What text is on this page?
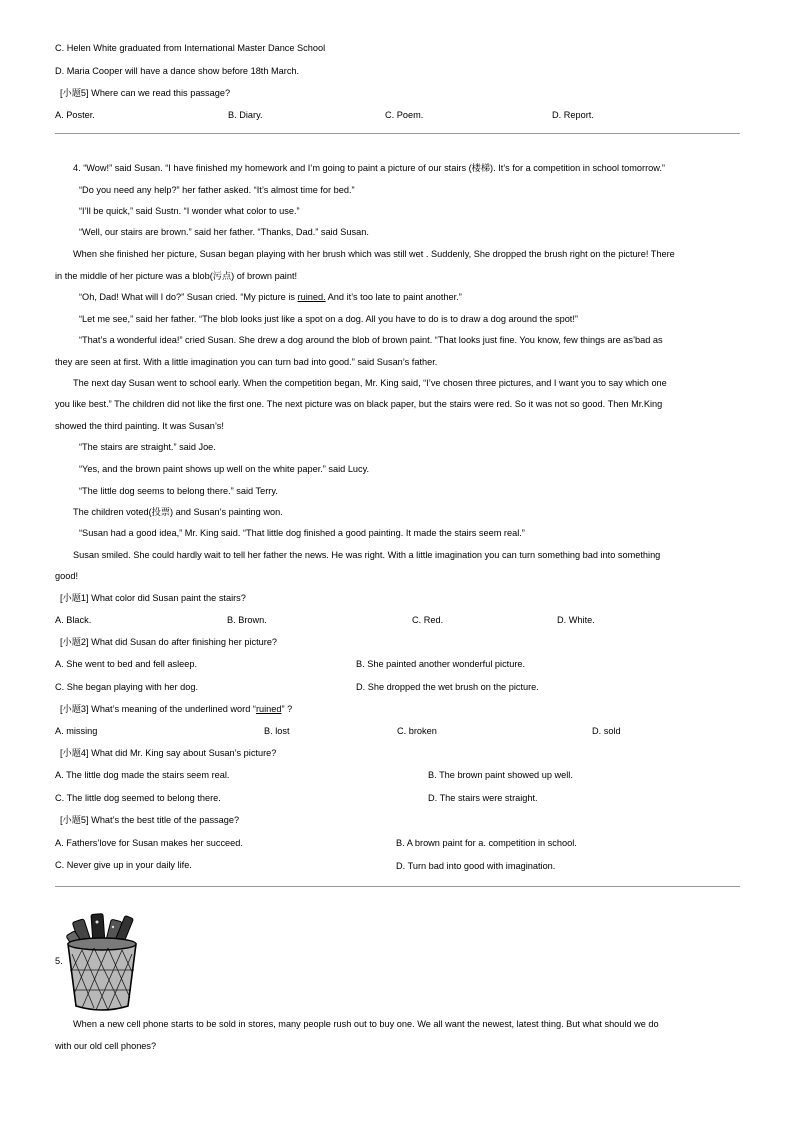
C. Helen White graduated from International Master Dance School
D. Maria Cooper will have a dance show before 18th March.
[小题5] Where can we read this passage?
A. Poster.	B. Diary.	C. Poem.	D. Report.
4. “Wow!” said Susan. “I have finished my homework and I’m going to paint a picture of our stairs (楼梯). It’s for a competition in school tomorrow.”
“Do you need any help?” her father asked. “It’s almost time for bed.”
“I’ll be quick,” said Sustn. “I wonder what color to use.”
“Well, our stairs are brown.” said her father. “Thanks, Dad.” said Susan.
When she finished her picture, Susan began playing with her brush which was still wet . Suddenly, She dropped the brush right on the picture! There
in the middle of her picture was a blob(污点) of brown paint!
“Oh, Dad! What will I do?” Susan cried. “My picture is ruined. And it’s too late to paint another.”
“Let me see,” said her father. “The blob looks just like a spot on a dog. All you have to do is to draw a dog around the spot!”
“That’s a wonderful idea!” cried Susan. She drew a dog around the blob of brown paint. “That looks just fine. You know, few things are as’bad as
they are seen at first. With a little imagination you can turn bad into good.” said Susan’s father.
The next day Susan went to school early. When the competition began, Mr. King said, “I’ve chosen three pictures, and I want you to say which one
you like best.” The children did not like the first one. The next picture was on black paper, but the stairs were red. So it was not so good. Then Mr.King
showed the third painting. It was Susan’s!
“The stairs are straight.” said Joe.
“Yes, and the brown paint shows up well on the white paper.” said Lucy.
“The little dog seems to belong there.” said Terry.
The children voted(投票) and Susan’s painting won.
“Susan had a good idea,” Mr. King said. “That little dog finished a good painting. It made the stairs seem real.”
Susan smiled. She could hardly wait to tell her father the news. He was right. With a little imagination you can turn something bad into something
good!
[小题1] What color did Susan paint the stairs?
A. Black.	B. Brown.	C. Red.	D. White.
[小题2] What did Susan do after finishing her picture?
A. She went to bed and fell asleep.	B. She painted another wonderful picture.
C. She began playing with her dog.	D. She dropped the wet brush on the picture.
[小题3] What’s meaning of the underlined word “ruined” ?
A. missing	B. lost	C. broken	D. sold
[小题4] What did Mr. King say about Susan’s picture?
A. The little dog made the stairs seem real.	B. The brown paint showed up well.
C. The little dog seemed to belong there.	D. The stairs were straight.
[小题5] What’s the best title of the passage?
A. Fathers’love for Susan makes her succeed.	B. A brown paint for a. competition in school.
C. Never give up in your daily life.	D. Turn bad into good with imagination.
5.
When a new cell phone starts to be sold in stores, many people rush out to buy one. We all want the newest, latest thing. But what should we do
with our old cell phones?
